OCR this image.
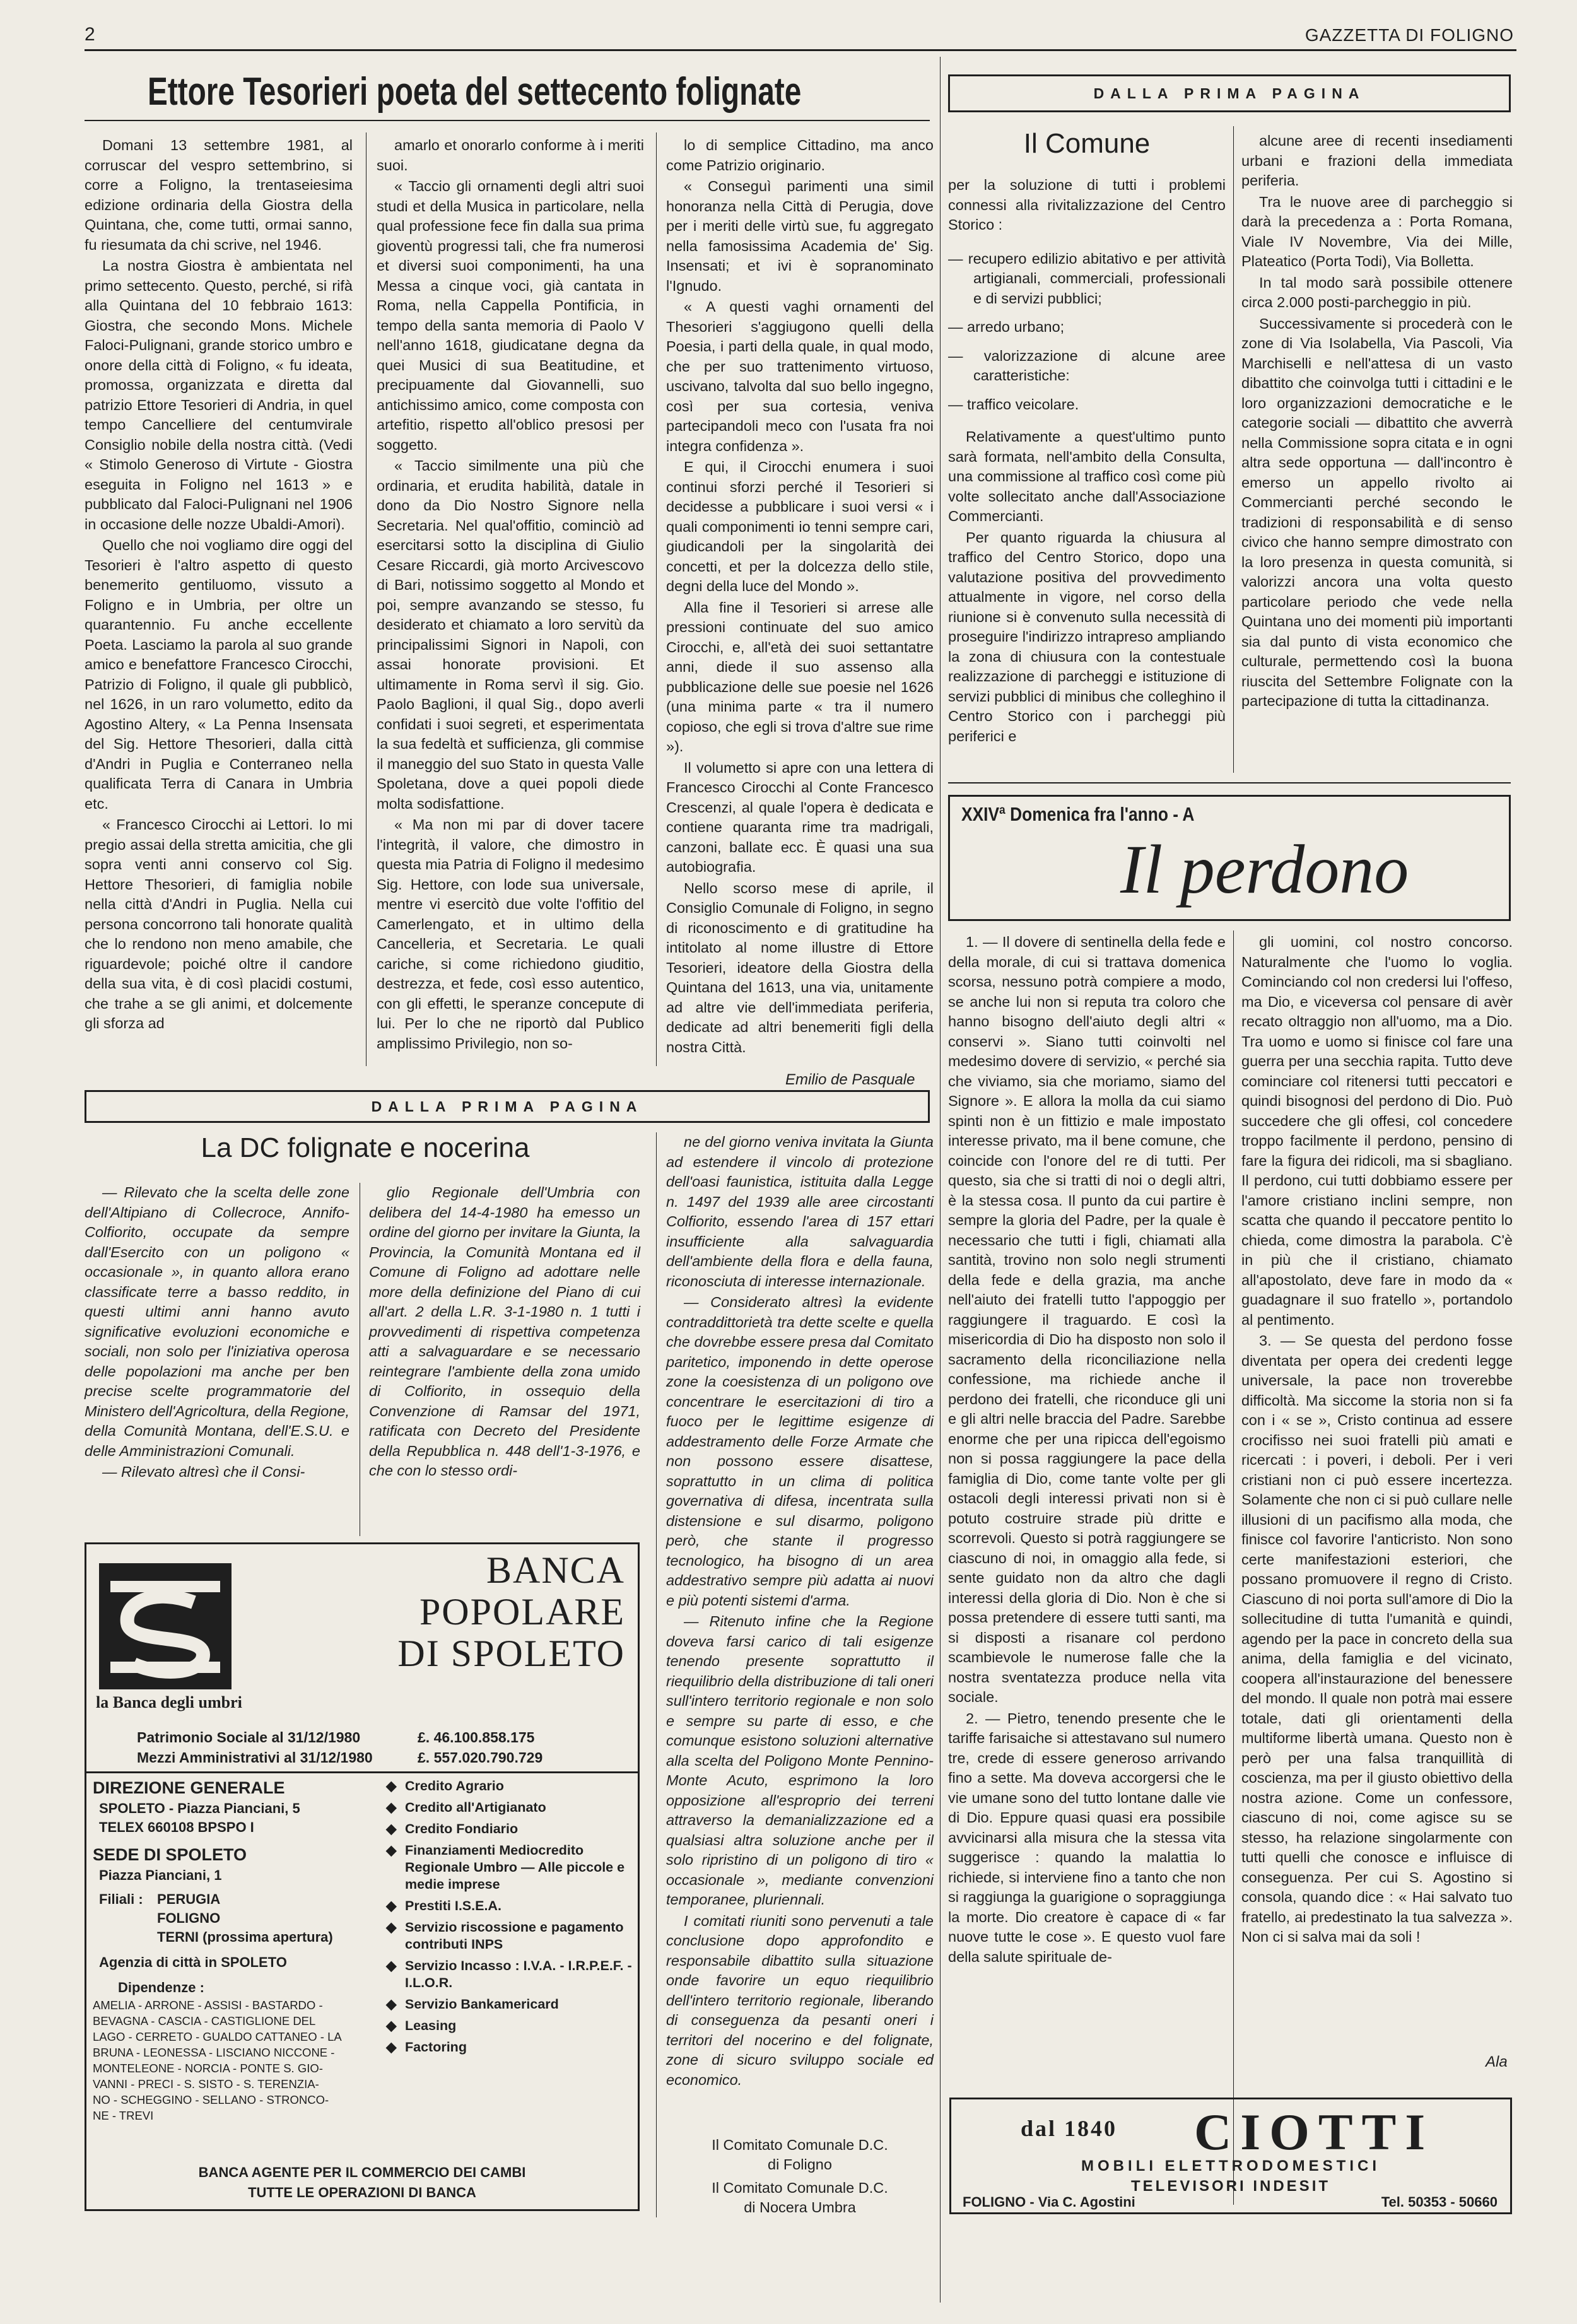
2	GAZZETTA DI FOLIGNO
Ettore Tesorieri poeta del settecento folignate

Domani 13 settembre 1981, al corruscar del vespro settembrino, si corre a Foligno, la trentaseiesima edizione ordinaria della Giostra della Quintana, che, come tutti, ormai sanno, fu riesumata da chi scrive, nel 1946.

La nostra Giostra è ambientata nel primo settecento. Questo, perché, si rifà alla Quintana del 10 febbraio 1613: Giostra, che secondo Mons. Michele Faloci-Pulignani, grande storico umbro e onore della città di Foligno, « fu ideata, promossa, organizzata e diretta dal patrizio Ettore Tesorieri di Andria, in quel tempo Cancelliere del centumvirale Consiglio nobile della nostra città. (Vedi « Stimolo Generoso di Virtute - Giostra eseguita in Foligno nel 1613 » e pubblicato dal Faloci-Pulignani nel 1906 in occasione delle nozze Ubaldi-Amori).

Quello che noi vogliamo dire oggi del Tesorieri è l'altro aspetto di questo benemerito gentiluomo, vissuto a Foligno e in Umbria, per oltre un quarantennio. Fu anche eccellente Poeta. Lasciamo la parola al suo grande amico e benefattore Francesco Cirocchi, Patrizio di Foligno, il quale gli pubblicò, nel 1626, in un raro volumetto, edito da Agostino Altery, « La Penna Insensata del Sig. Hettore Thesorieri, dalla città d'Andri in Puglia e Conterraneo nella qualificata Terra di Canara in Umbria etc.

« Francesco Cirocchi ai Lettori. Io mi pregio assai della stretta amicitia, che gli sopra venti anni conservo col Sig. Hettore Thesorieri, di famiglia nobile nella città d'Andri in Puglia. Nella cui persona concorrono tali honorate qualità che lo rendono non meno amabile, che riguardevole; poiché oltre il candore della sua vita, è di così placidi costumi, che trahe a se gli animi, et dolcemente gli sforza ad

amarlo et onorarlo conforme à i meriti suoi.

« Taccio gli ornamenti degli altri suoi studi et della Musica in particolare, nella qual professione fece fin dalla sua prima gioventù progressi tali, che fra numerosi et diversi suoi componimenti, ha una Messa a cinque voci, già cantata in Roma, nella Cappella Pontificia, in tempo della santa memoria di Paolo V nell'anno 1618, giudicatane degna da quei Musici di sua Beatitudine, et precipuamente dal Giovannelli, suo antichissimo amico, come composta con artefitio, rispetto all'oblico presosi per soggetto.

« Taccio similmente una più che ordinaria, et erudita habilità, datale in dono da Dio Nostro Signore nella Secretaria. Nel qual'offitio, cominciò ad esercitarsi sotto la disciplina di Giulio Cesare Riccardi, già morto Arcivescovo di Bari, notissimo soggetto al Mondo et poi, sempre avanzando se stesso, fu desiderato et chiamato a loro servitù da principalissimi Signori in Napoli, con assai honorate provisioni. Et ultimamente in Roma servì il sig. Gio. Paolo Baglioni, il qual Sig., dopo averli confidati i suoi segreti, et esperimentata la sua fedeltà et sufficienza, gli commise il maneggio del suo Stato in questa Valle Spoletana, dove a quei popoli diede molta sodisfattione.

« Ma non mi par di dover tacere l'integrità, il valore, che dimostro in questa mia Patria di Foligno il medesimo Sig. Hettore, con lode sua universale, mentre vi esercitò due volte l'offitio del Camerlengato, et in ultimo della Cancelleria, et Secretaria. Le quali cariche, si come richiedono giuditio, destrezza, et fede, così esso autentico, con gli effetti, le speranze concepute di lui. Per lo che ne riportò dal Publico amplissimo Privilegio, non so-

lo di semplice Cittadino, ma anco come Patrizio originario.

« Conseguì parimenti una simil honoranza nella Città di Perugia, dove per i meriti delle virtù sue, fu aggregato nella famosissima Academia de' Sig. Insensati; et ivi è sopranominato l'Ignudo.

« A questi vaghi ornamenti del Thesorieri s'aggiugono quelli della Poesia, i parti della quale, in qual modo, che per suo trattenimento virtuoso, uscivano, talvolta dal suo bello ingegno, così per sua cortesia, veniva partecipandoli meco con l'usata fra noi integra confidenza ».

E qui, il Cirocchi enumera i suoi continui sforzi perché il Tesorieri si decidesse a pubblicare i suoi versi « i quali componimenti io tenni sempre cari, giudicandoli per la singolarità dei concetti, et per la dolcezza dello stile, degni della luce del Mondo ».

Alla fine il Tesorieri si arrese alle pressioni continuate del suo amico Cirocchi, e, all'età dei suoi settantatre anni, diede il suo assenso alla pubblicazione delle sue poesie nel 1626 (una minima parte « tra il numero copioso, che egli si trova d'altre sue rime »).

Il volumetto si apre con una lettera di Francesco Cirocchi al Conte Francesco Crescenzi, al quale l'opera è dedicata e contiene quaranta rime tra madrigali, canzoni, ballate ecc. È quasi una sua autobiografia.

Nello scorso mese di aprile, il Consiglio Comunale di Foligno, in segno di riconoscimento e di gratitudine ha intitolato al nome illustre di Ettore Tesorieri, ideatore della Giostra della Quintana del 1613, una via, unitamente ad altre vie dell'immediata periferia, dedicate ad altri benemeriti figli della nostra Città.

Emilio de Pasquale
DALLA PRIMA PAGINA
Il Comune
per la soluzione di tutti i problemi connessi alla rivitalizzazione del Centro Storico :
— recupero edilizio abitativo e per attività artigianali, commerciali, professionali e di servizi pubblici;
— arredo urbano;
— valorizzazione di alcune aree caratteristiche:
— traffico veicolare.

Relativamente a quest'ultimo punto sarà formata, nell'ambito della Consulta, una commissione al traffico così come più volte sollecitato anche dall'Associazione Commercianti.

Per quanto riguarda la chiusura al traffico del Centro Storico, dopo una valutazione positiva del provvedimento attualmente in vigore, nel corso della riunione si è convenuto sulla necessità di proseguire l'indirizzo intrapreso ampliando la zona di chiusura con la contestuale realizzazione di parcheggi e istituzione di servizi pubblici di minibus che colleghino il Centro Storico con i parcheggi più periferici e

alcune aree di recenti insediamenti urbani e frazioni della immediata periferia.

Tra le nuove aree di parcheggio si darà la precedenza a : Porta Romana, Viale IV Novembre, Via dei Mille, Plateatico (Porta Todi), Via Bolletta.

In tal modo sarà possibile ottenere circa 2.000 posti-parcheggio in più.

Successivamente si procederà con le zone di Via Isolabella, Via Pascoli, Via Marchiselli e nell'attesa di un vasto dibattito che coinvolga tutti i cittadini e le loro organizzazioni democratiche e le categorie sociali — dibattito che avverrà nella Commissione sopra citata e in ogni altra sede opportuna — dall'incontro è emerso un appello rivolto ai Commercianti perché secondo le tradizioni di responsabilità e di senso civico che hanno sempre dimostrato con la loro presenza in questa comunità, si valorizzi ancora una volta questo particolare periodo che vede nella Quintana uno dei momenti più importanti sia dal punto di vista economico che culturale, permettendo così la buona riuscita del Settembre Folignate con la partecipazione di tutta la cittadinanza.

XXIVª Domenica fra l'anno - A
Il perdono

1. — Il dovere di sentinella della fede e della morale, di cui si trattava domenica scorsa, nessuno potrà compiere a modo, se anche lui non si reputa tra coloro che hanno bisogno dell'aiuto degli altri « conservi ». Siano tutti coinvolti nel medesimo dovere di servizio, « perché sia che viviamo, sia che moriamo, siamo del Signore ». E allora la molla da cui siamo spinti non è un fittizio e male impostato interesse privato, ma il bene comune, che coincide con l'onore del re di tutti. Per questo, sia che si tratti di noi o degli altri, è la stessa cosa. Il punto da cui partire è sempre la gloria del Padre, per la quale è necessario che tutti i figli, chiamati alla santità, trovino non solo negli strumenti della fede e della grazia, ma anche nell'aiuto dei fratelli tutto l'appoggio per raggiungere il traguardo. E così la misericordia di Dio ha disposto non solo il sacramento della riconciliazione nella confessione, ma richiede anche il perdono dei fratelli, che riconduce gli uni e gli altri nelle braccia del Padre. Sarebbe enorme che per una ripicca dell'egoismo non si possa raggiungere la pace della famiglia di Dio, come tante volte per gli ostacoli degli interessi privati non si è potuto costruire strade più dritte e scorrevoli. Questo si potrà raggiungere se ciascuno di noi, in omaggio alla fede, si sente guidato non da altro che dagli interessi della gloria di Dio. Non è che si possa pretendere di essere tutti santi, ma si disposti a risanare col perdono scambievole le numerose falle che la nostra sventatezza produce nella vita sociale.

2. — Pietro, tenendo presente che le tariffe farisaiche si attestavano sul numero tre, crede di essere generoso arrivando fino a sette. Ma doveva accorgersi che le vie umane sono del tutto lontane dalle vie di Dio. Eppure quasi quasi era possibile avvicinarsi alla misura che la stessa vita suggerisce : quando la malattia lo richiede, si interviene fino a tanto che non si raggiunga la guarigione o sopraggiunga la morte. Dio creatore è capace di « far nuove tutte le cose ». E questo vuol fare della salute spirituale de-

gli uomini, col nostro concorso. Naturalmente che l'uomo lo voglia. Cominciando col non credersi lui l'offeso, ma Dio, e viceversa col pensare di avèr recato oltraggio non all'uomo, ma a Dio. Tra uomo e uomo si finisce col fare una guerra per una secchia rapita. Tutto deve cominciare col ritenersi tutti peccatori e quindi bisognosi del perdono di Dio. Può succedere che gli offesi, col concedere troppo facilmente il perdono, pensino di fare la figura dei ridicoli, ma si sbagliano. Il perdono, cui tutti dobbiamo essere per l'amore cristiano inclini sempre, non scatta che quando il peccatore pentito lo chieda, come dimostra la parabola. C'è in più che il cristiano, chiamato all'apostolato, deve fare in modo da « guadagnare il suo fratello », portandolo al pentimento.

3. — Se questa del perdono fosse diventata per opera dei credenti legge universale, la pace non troverebbe difficoltà. Ma siccome la storia non si fa con i « se », Cristo continua ad essere crocifisso nei suoi fratelli più amati e ricercati : i poveri, i deboli. Per i veri cristiani non ci può essere incertezza. Solamente che non ci si può cullare nelle illusioni di un pacifismo alla moda, che finisce col favorire l'anticristo. Non sono certe manifestazioni esteriori, che possano promuovere il regno di Cristo. Ciascuno di noi porta sull'amore di Dio la sollecitudine di tutta l'umanità e quindi, agendo per la pace in concreto della sua anima, della famiglia e del vicinato, cooperа all'instaurazione del benessere del mondo. Il quale non potrà mai essere totale, dati gli orientamenti della multiforme libertà umana. Questo non è però per una falsa tranquillità di coscienza, ma per il giusto obiettivo della nostra azione. Come un confessore, ciascuno di noi, come agisce su se stesso, ha relazione singolarmente con tutti quelli che conosce e influisce di conseguenza. Per cui S. Agostino si consola, quando dice : « Hai salvato tuo fratello, ai predestinato la tua salvezza ». Non ci si salva mai da soli !

Ala
dal 1840 CIOTTI
MOBILI ELETTRODOMESTICI
TELEVISORI INDESIT
FOLIGNO - Via C. Agostini	Tel. 50353 - 50660
DALLA PRIMA PAGINA
La DC folignate e nocerina

— Rilevato che la scelta delle zone dell'Altipiano di Collecroce, Annifo-Colfiorito, occupate da sempre dall'Esercito con un poligono « occasionale », in quanto allora erano classificate terre a basso reddito, in questi ultimi anni hanno avuto significative evoluzioni economiche e sociali, non solo per l'iniziativa operosa delle popolazioni ma anche per ben precise scelte programmatorie del Ministero dell'Agricoltura, della Regione, della Comunità Montana, dell'E.S.U. e delle Amministrazioni Comunali.

— Rilevato altresì che il Consi-

glio Regionale dell'Umbria con delibera del 14-4-1980 ha emesso un ordine del giorno per invitare la Giunta, la Provincia, la Comunità Montana ed il Comune di Foligno ad adottare nelle more della definizione del Piano di cui all'art. 2 della L.R. 3-1-1980 n. 1 tutti i provvedimenti di rispettiva competenza atti a salvaguardare e se necessario reintegrare l'ambiente della zona umido di Colfiorito, in ossequio della Convenzione di Ramsar del 1971, ratificata con Decreto del Presidente della Repubblica n. 448 dell'1-3-1976, e che con lo stesso ordi-

ne del giorno veniva invitata la Giunta ad estendere il vincolo di protezione dell'oasi faunistica, istituita dalla Legge n. 1497 del 1939 alle aree circostanti Colfiorito, essendo l'area di 157 ettari insufficiente alla salvaguardia dell'ambiente della flora e della fauna, riconosciuta di interesse internazionale.

— Considerato altresì la evidente contraddittorietà tra dette scelte e quella che dovrebbe essere presa dal Comitato paritetico, imponendo in dette operose zone la coesistenza di un poligono ove concentrare le esercitazioni di tiro a fuoco per le legittime esigenze di addestramento delle Forze Armate che non possono essere disattese, soprattutto in un clima di politica governativa di difesa, incentrata sulla distensione e sul disarmo, poligono però, che stante il progresso tecnologico, ha bisogno di un area addestrativo sempre più adatta ai nuovi e più potenti sistemi d'arma.

— Ritenuto infine che la Regione doveva farsi carico di tali esigenze tenendo presente soprattutto il riequilibrio della distribuzione di tali oneri sull'intero territorio regionale e non solo e sempre su parte di esso, e che comunque esistono soluzioni alternative alla scelta del Poligono Monte Pennino-Monte Acuto, esprimono la loro opposizione all'esproprio dei terreni attraverso la demanializzazione ed a qualsiasi altra soluzione anche per il solo ripristino di un poligono di tiro « occasionale », mediante convenzioni temporanee, pluriennali.

I comitati riuniti sono pervenuti a tale conclusione dopo approfondito e responsabile dibattito sulla situazione onde favorire un equo riequilibrio dell'intero territorio regionale, liberando di conseguenza da pesanti oneri i territori del nocerino e del folignate, zone di sicuro sviluppo sociale ed economico.

Il Comitato Comunale D.C.
di Foligno
Il Comitato Comunale D.C.
di Nocera Umbra
la Banca degli umbri
BANCA
POPOLARE
DI SPOLETO
Patrimonio Sociale al 31/12/1980	£. 46.100.858.175
Mezzi Amministrativi al 31/12/1980	£. 557.020.790.729
DIREZIONE GENERALE
SPOLETO - Piazza Pianciani, 5
TELEX 660108 BPSPO I
SEDE DI SPOLETO
Piazza Pianciani, 1
Filiali :	PERUGIA
FOLIGNO
TERNI (prossima apertura)
Agenzia di città in SPOLETO
Dipendenze :
AMELIA - ARRONE - ASSISI - BASTARDO -
BEVAGNA - CASCIA - CASTIGLIONE DEL
LAGO - CERRETO - GUALDO CATTANEO - LA
BRUNA - LEONESSA - LISCIANO NICCONE -
MONTELEONE - NORCIA - PONTE S. GIO-
VANNI - PRECI - S. SISTO - S. TERENZIA-
NO - SCHEGGINO - SELLANO - STRONCO-
NE - TREVI
◆ Credito Agrario
◆ Credito all'Artigianato
◆ Credito Fondiario
◆ Finanziamenti Mediocredito Regionale Umbro — Alle piccole e medie imprese
◆ Prestiti I.S.E.A.
◆ Servizio riscossione e pagamento contributi INPS
◆ Servizio Incasso : I.V.A. - I.R.P.E.F. - I.L.O.R.
◆ Servizio Bankamericard
◆ Leasing
◆ Factoring
BANCA AGENTE PER IL COMMERCIO DEI CAMBI
TUTTE LE OPERAZIONI DI BANCA
